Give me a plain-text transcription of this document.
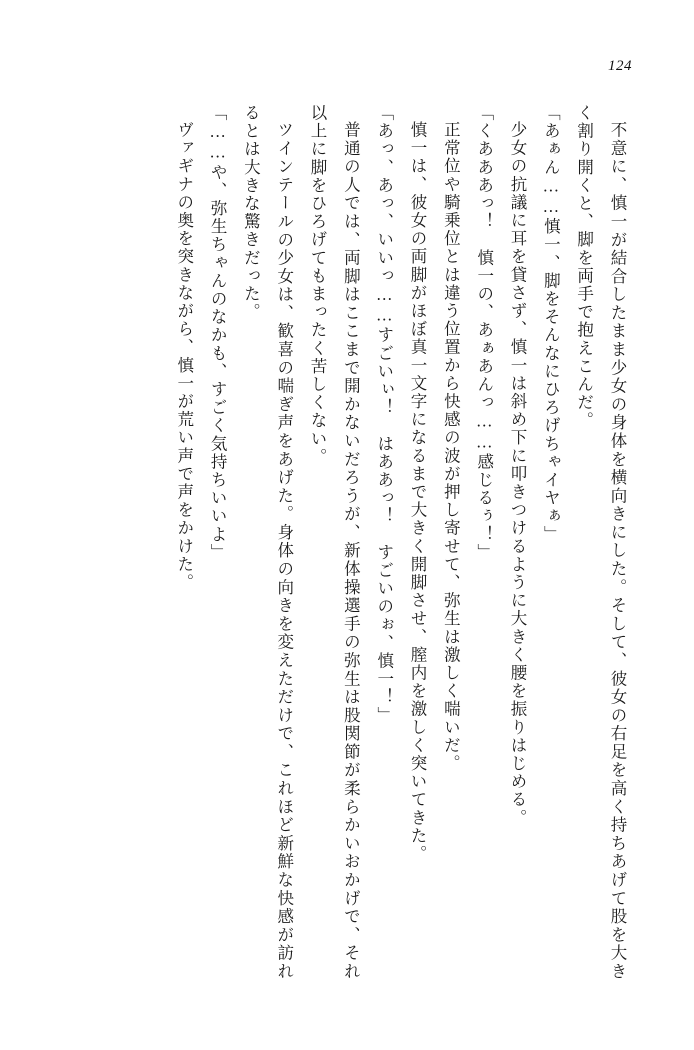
124

不意に、慎一が結合したまま少女の身体を横向きにした。そして、彼女の右足を高く持ちあげて股を大きく割り開くと、脚を両手で抱えこんだ。

「あぁん……慎一、脚をそんなにひろげちゃイヤぁ」

少女の抗議に耳を貸さず、慎一は斜め下に叩きつけるように大きく腰を振りはじめる。

「くあああっ！　慎一の、あぁあんっ……感じるぅ！」

正常位や騎乗位とは違う位置から快感の波が押し寄せて、弥生は激しく喘いだ。

慎一は、彼女の両脚がほぼ真一文字になるまで大きく開脚させ、膣内を激しく突いてきた。

「あっ、あっ、いいっ……すごいぃ！　はああっ！　すごいのぉ、慎一！」

普通の人では、両脚はここまで開かないだろうが、新体操選手の弥生は股関節が柔らかいおかげで、それ以上に脚をひろげてもまったく苦しくない。

ツインテールの少女は、歓喜の喘ぎ声をあげた。身体の向きを変えただけで、これほど新鮮な快感が訪れるとは大きな驚きだった。

「……や、弥生ちゃんのなかも、すごく気持ちいいよ」

ヴァギナの奥を突きながら、慎一が荒い声で声をかけた。
